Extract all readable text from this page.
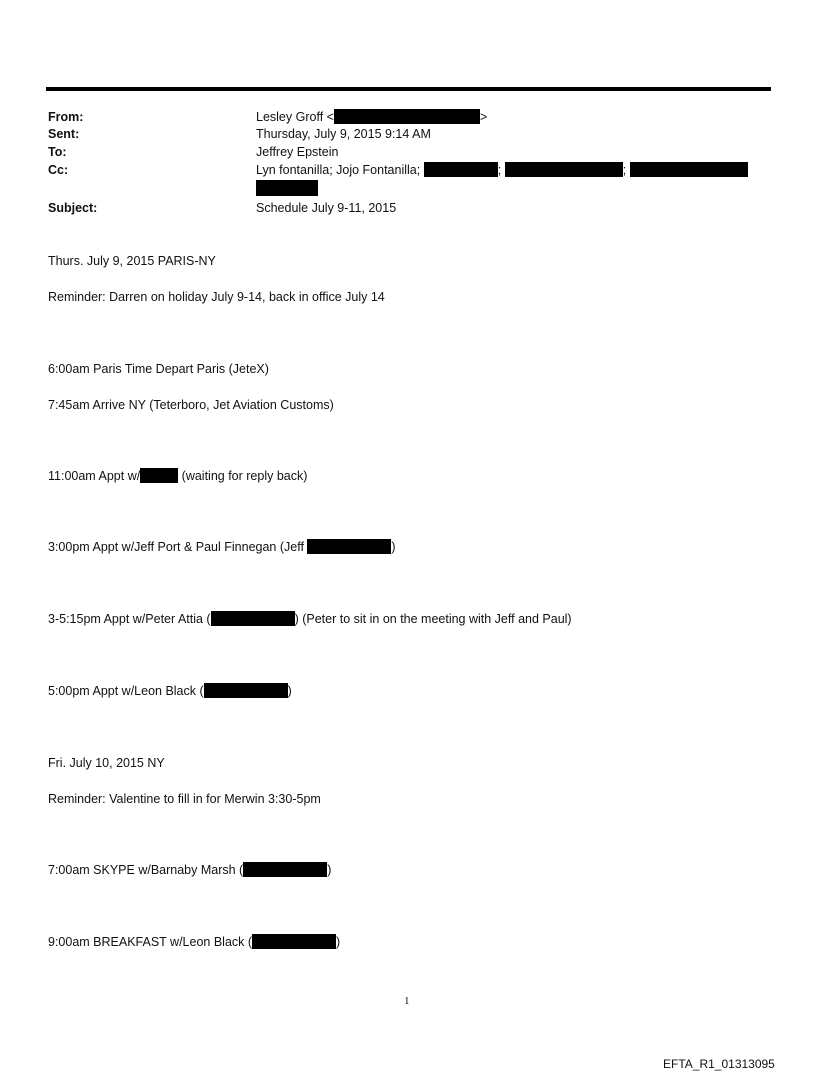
From:	Lesley Groff <	>
Sent:	Thursday, July 9, 2015 9:14 AM
To:	Jeffrey Epstein
Cc:	Lyn fontanilla; Jojo Fontanilla;	;	;
Subject:	Schedule July 9-11, 2015
Thurs. July 9, 2015 PARIS-NY
Reminder: Darren on holiday July 9-14, back in office July 14
6:00am Paris Time Depart Paris (JeteX)
7:45am Arrive NY (Teterboro, Jet Aviation Customs)
11:00am Appt w/	(waiting for reply back)
3:00pm Appt w/Jeff Port & Paul Finnegan (Jeff	)
3-5:15pm Appt w/Peter Attia (	) (Peter to sit in on the meeting with Jeff and Paul)
5:00pm Appt w/Leon Black (	)
Fri. July 10, 2015 NY
Reminder: Valentine to fill in for Merwin 3:30-5pm
7:00am SKYPE w/Barnaby Marsh (	)
9:00am BREAKFAST w/Leon Black (	)
1
EFTA_R1_01313095
